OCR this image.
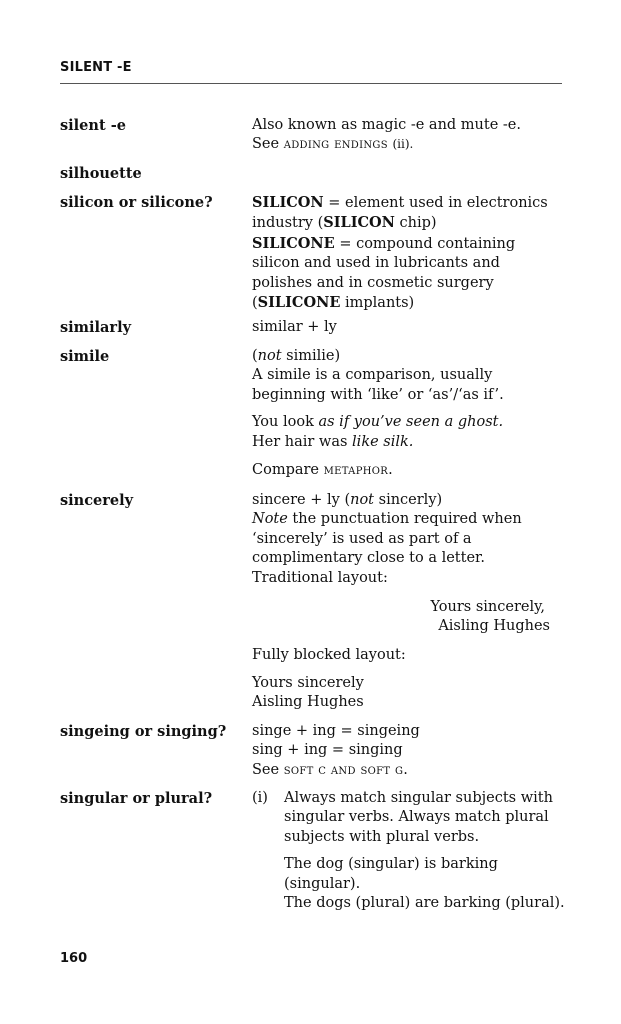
SILENT -E
silent -e	Also known as magic -e and mute -e.

See adding endings (ii).

silhouette
silicon or silicone?	SILICON = element used in electronics industry (SILICON chip)

SILICONE = compound containing silicon and used in lubricants and polishes and in cosmetic surgery (SILICONE implants)

similarly	similar + ly
simile	(not similie)

A simile is a comparison, usually beginning with ‘like’ or ‘as’/‘as if’.

You look as if you’ve seen a ghost.

Her hair was like silk.

Compare metaphor.

sincerely	sincere + ly (not sincerly)

Note the punctuation required when ‘sincerely’ is used as part of a complimentary close to a letter.

Traditional layout:

Yours sincerely,
Aisling Hughes
Fully blocked layout:

Yours sincerely

Aisling Hughes

singeing or singing? singe + ing = singeing

sing + ing = singing

See soft c and soft g.

singular or plural?	(i) Always match singular subjects with singular verbs. Always match plural subjects with plural verbs.

The dog (singular) is barking (singular).

The dogs (plural) are barking (plural).

160
